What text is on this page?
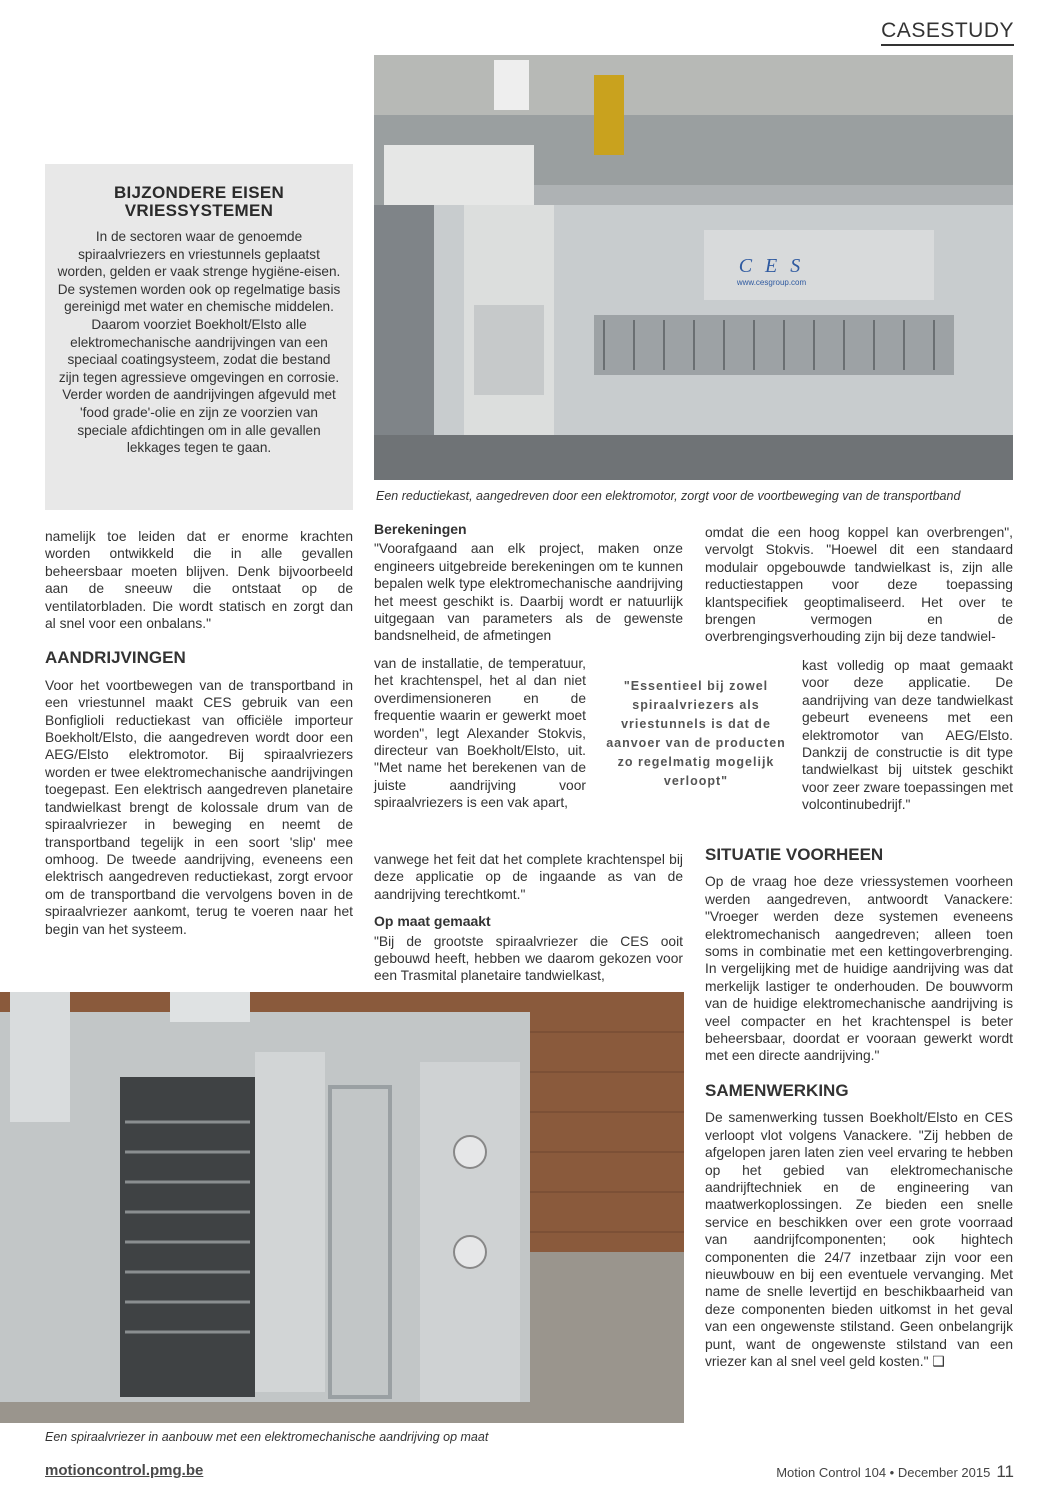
CASESTUDY
C E S
www.cesgroup.com
Een reductiekast, aangedreven door een elektromotor, zorgt voor de voortbeweging van de transportband
BIJZONDERE EISEN
VRIESSYSTEMEN

In de sectoren waar de genoemde spiraalvriezers en vriestunnels geplaatst worden, gelden er vaak strenge hygiëne-eisen. De systemen worden ook op regelmatige basis gereinigd met water en chemische middelen. Daarom voorziet Boekholt/Elsto alle elektromechanische aandrijvingen van een speciaal coatingsysteem, zodat die bestand zijn tegen agressieve omgevingen en corrosie. Verder worden de aandrijvingen afgevuld met 'food grade'-olie en zijn ze voorzien van speciale afdichtingen om in alle gevallen lekkages tegen te gaan.

namelijk toe leiden dat er enorme krachten worden ontwikkeld die in alle gevallen beheersbaar moeten blijven. Denk bijvoorbeeld aan de sneeuw die ontstaat op de ventilatorbladen. Die wordt statisch en zorgt dan al snel voor een onbalans."

AANDRIJVINGEN

Voor het voortbewegen van de transportband in een vriestunnel maakt CES gebruik van een Bonfiglioli reductiekast van officiële importeur Boekholt/Elsto, die aangedreven wordt door een AEG/Elsto elektromotor. Bij spiraalvriezers worden er twee elektromechanische aandrijvingen toegepast. Een elektrisch aangedreven planetaire tandwielkast brengt de kolossale drum van de spiraalvriezer in beweging en neemt de transportband tegelijk in een soort 'slip' mee omhoog. De tweede aandrijving, eveneens een elektrisch aangedreven reductiekast, zorgt ervoor om de transportband die vervolgens boven in de spiraalvriezer aankomt, terug te voeren naar het begin van het systeem.

Berekeningen

"Voorafgaand aan elk project, maken onze engineers uitgebreide berekeningen om te kunnen bepalen welk type elektromechanische aandrijving het meest geschikt is. Daarbij wordt er natuurlijk uitgegaan van parameters als de gewenste bandsnelheid, de afmetingen

van de installatie, de temperatuur, het krachtenspel, het al dan niet overdimensioneren en de frequentie waarin er gewerkt moet worden", legt Alexander Stokvis, directeur van Boekholt/Elsto, uit. "Met name het berekenen van de juiste aandrijving voor spiraalvriezers is een vak apart,

vanwege het feit dat het complete krachtenspel bij deze applicatie op de ingaande as van de aandrijving terechtkomt."

Op maat gemaakt

"Bij de grootste spiraalvriezer die CES ooit gebouwd heeft, hebben we daarom gekozen voor een Trasmital planetaire tandwielkast,

"Essentieel bij zowel spiraalvriezers als vriestunnels is dat de aanvoer van de producten zo regelmatig mogelijk verloopt"

omdat die een hoog koppel kan overbrengen", vervolgt Stokvis. "Hoewel dit een standaard modulair opgebouwde tandwielkast is, zijn alle reductiestappen voor deze toepassing klantspecifiek geoptimaliseerd. Het over te brengen vermogen en de overbrengingsverhouding zijn bij deze tandwiel-

kast volledig op maat gemaakt voor deze applicatie. De aandrijving van deze tandwielkast gebeurt eveneens met een elektromotor van AEG/Elsto. Dankzij de constructie is dit type tandwielkast bij uitstek geschikt voor zeer zware toepassingen met volcontinubedrijf."

SITUATIE VOORHEEN

Op de vraag hoe deze vriessystemen voorheen werden aangedreven, antwoordt Vanackere: "Vroeger werden deze systemen eveneens elektromechanisch aangedreven; alleen toen soms in combinatie met een kettingoverbrenging. In vergelijking met de huidige aandrijving was dat merkelijk lastiger te onderhouden. De bouwvorm van de huidige elektromechanische aandrijving is veel compacter en het krachtenspel is beter beheersbaar, doordat er vooraan gewerkt wordt met een directe aandrijving."

SAMENWERKING

De samenwerking tussen Boekholt/Elsto en CES verloopt vlot volgens Vanackere. "Zij hebben de afgelopen jaren laten zien veel ervaring te hebben op het gebied van elektromechanische aandrijftechniek en de engineering van maatwerkoplossingen. Ze bieden een snelle service en beschikken over een grote voorraad van aandrijfcomponenten; ook hightech componenten die 24/7 inzetbaar zijn voor een nieuwbouw en bij een eventuele vervanging. Met name de snelle levertijd en beschikbaarheid van deze componenten bieden uitkomst in het geval van een ongewenste stilstand. Geen onbelangrijk punt, want de ongewenste stilstand van een vriezer kan al snel veel geld kosten." ❑

Een spiraalvriezer in aanbouw met een elektromechanische aandrijving op maat
motioncontrol.pmg.be	Motion Control 104 • December 2015 11
